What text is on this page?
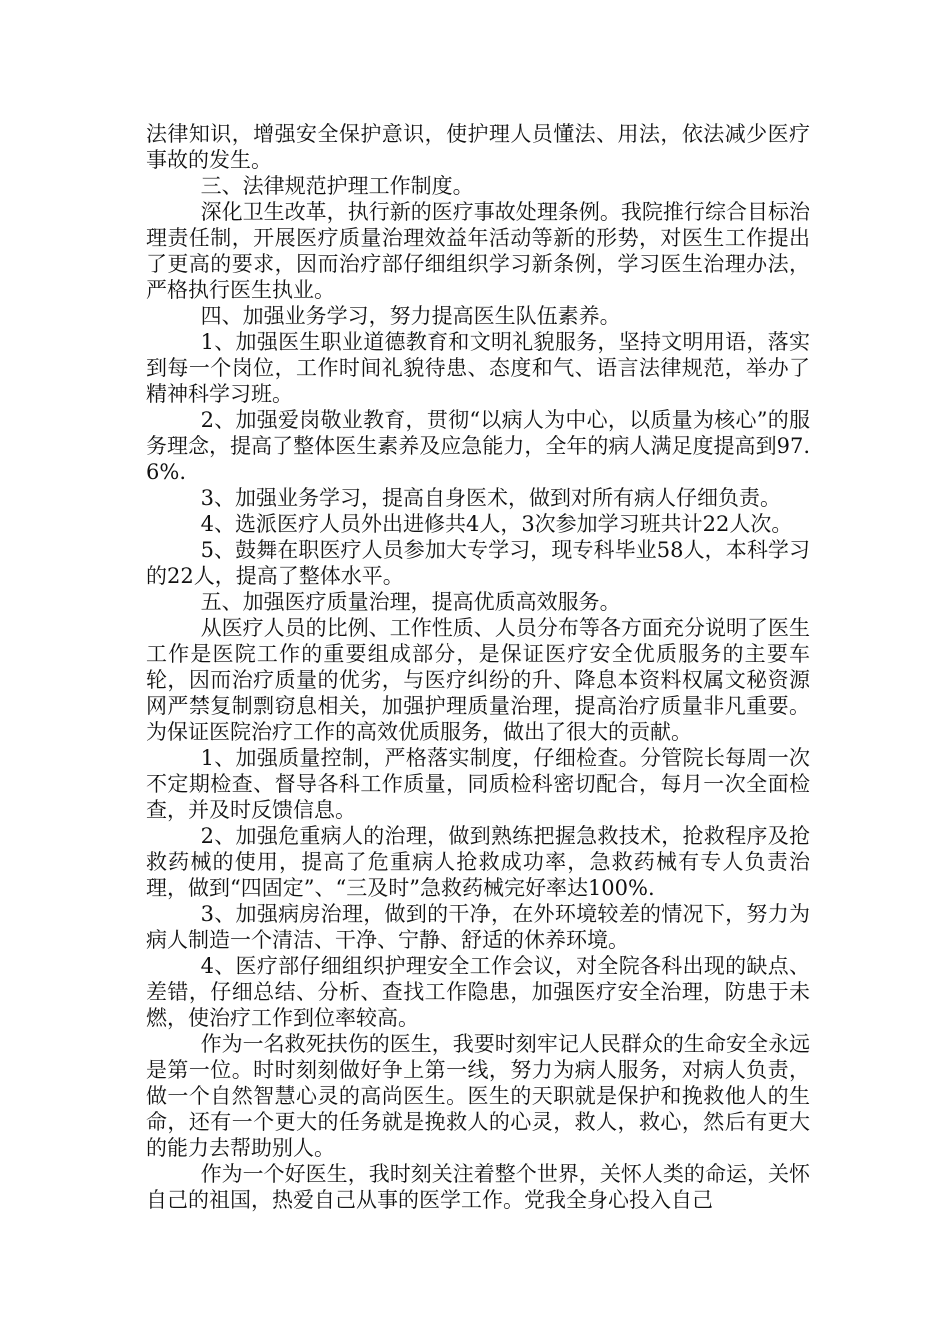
法律知识，增强安全保护意识，使护理人员懂法、用法，依法减少医疗事故的发生。

三、法律规范护理工作制度。

深化卫生改革，执行新的医疗事故处理条例。我院推行综合目标治理责任制，开展医疗质量治理效益年活动等新的形势，对医生工作提出了更高的要求，因而治疗部仔细组织学习新条例，学习医生治理办法，严格执行医生执业。

四、加强业务学习，努力提高医生队伍素养。

1、加强医生职业道德教育和文明礼貌服务，坚持文明用语，落实到每一个岗位，工作时间礼貌待患、态度和气、语言法律规范，举办了精神科学习班。

2、加强爱岗敬业教育，贯彻“以病人为中心，以质量为核心”的服务理念，提高了整体医生素养及应急能力，全年的病人满足度提高到97.6%.

3、加强业务学习，提高自身医术，做到对所有病人仔细负责。

4、选派医疗人员外出进修共4人，3次参加学习班共计22人次。

5、鼓舞在职医疗人员参加大专学习，现专科毕业58人，本科学习的22人，提高了整体水平。

五、加强医疗质量治理，提高优质高效服务。

从医疗人员的比例、工作性质、人员分布等各方面充分说明了医生工作是医院工作的重要组成部分，是保证医疗安全优质服务的主要车轮，因而治疗质量的优劣，与医疗纠纷的升、降息本资料权属文秘资源网严禁复制剽窃息相关，加强护理质量治理，提高治疗质量非凡重要。为保证医院治疗工作的高效优质服务，做出了很大的贡献。

1、加强质量控制，严格落实制度，仔细检查。分管院长每周一次不定期检查、督导各科工作质量，同质检科密切配合，每月一次全面检查，并及时反馈信息。

2、加强危重病人的治理，做到熟练把握急救技术，抢救程序及抢救药械的使用，提高了危重病人抢救成功率，急救药械有专人负责治理，做到“四固定”、“三及时”急救药械完好率达100%.

3、加强病房治理，做到的干净，在外环境较差的情况下，努力为病人制造一个清洁、干净、宁静、舒适的休养环境。

4、医疗部仔细组织护理安全工作会议，对全院各科出现的缺点、差错，仔细总结、分析、查找工作隐患，加强医疗安全治理，防患于未燃，使治疗工作到位率较高。

作为一名救死扶伤的医生，我要时刻牢记人民群众的生命安全永远是第一位。时时刻刻做好争上第一线，努力为病人服务，对病人负责，做一个自然智慧心灵的高尚医生。医生的天职就是保护和挽救他人的生命，还有一个更大的任务就是挽救人的心灵，救人，救心，然后有更大的能力去帮助别人。

作为一个好医生，我时刻关注着整个世界，关怀人类的命运，关怀自己的祖国，热爱自己从事的医学工作。党我全身心投入自己
